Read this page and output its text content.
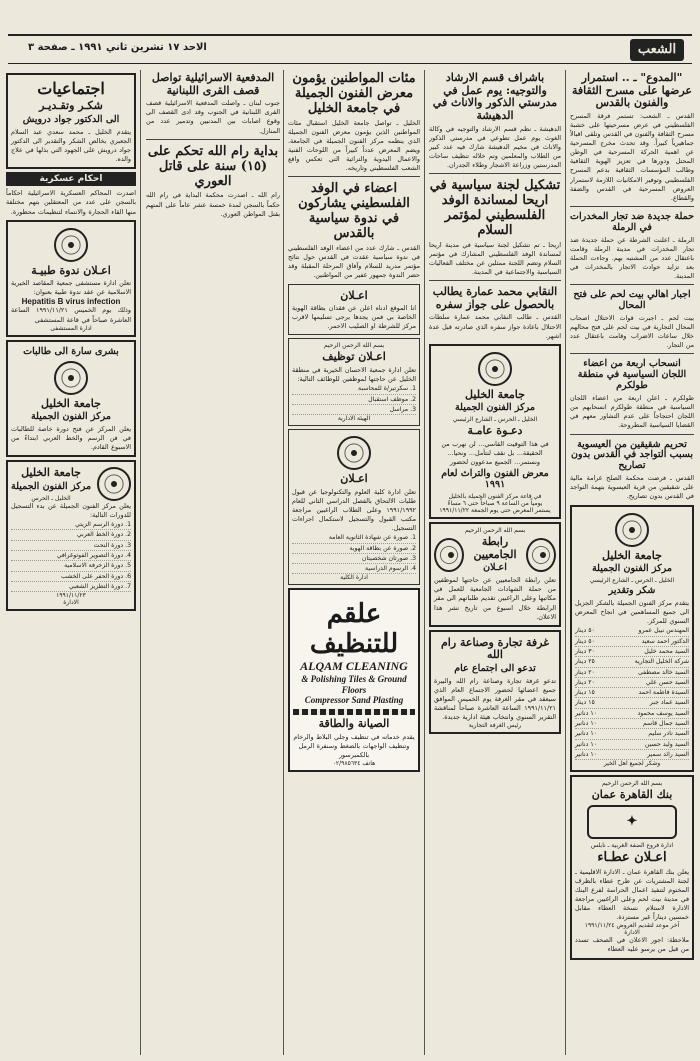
الشعب
الاحد ١٧ تشرين ثاني ١٩٩١ ـ صفحة ٣
"المدوع" ـ .. استمرار عرضها على مسرح الثقافة والفنون بالقدس
القدس ـ الشعب: تستمر فرقة المسرح الفلسطيني في عرض مسرحيتها على خشبة مسرح الثقافة والفنون في القدس وتلقى اقبالاً جماهيرياً كبيراً. وقد تحدث مخرج المسرحية عن اهمية الحركة المسرحية في الوطن المحتل ودورها في تعزيز الهوية الثقافية وطالب المؤسسات الثقافية بدعم المسرح الفلسطيني وتوفير الامكانيات اللازمة لاستمرار العروض المسرحية في القدس والضفة والقطاع.
حملة جديدة ضد تجار المخدرات في الرملة
الرملة ـ اعلنت الشرطة عن حملة جديدة ضد تجار المخدرات في مدينة الرملة وقامت باعتقال عدد من المشتبه بهم. وجاءت الحملة بعد تزايد حوادث الاتجار بالمخدرات في المدينة.
اجبار اهالي بيت لحم على فتح المحال
بيت لحم ـ اجبرت قوات الاحتلال اصحاب المحال التجارية في بيت لحم على فتح محالهم خلال ساعات الاضراب وقامت باعتقال عدد من التجار.
انسحاب اربعة من اعضاء اللجان السياسية في منطقة طولكرم
طولكرم ـ اعلن اربعة من اعضاء اللجان السياسية في منطقة طولكرم انسحابهم من اللجان احتجاجاً على عدم التشاور معهم في القضايا السياسية المطروحة.
تحريم شقيقين من العيسوية بسبب التواجد في القدس بدون تصاريح
القدس ـ فرضت محكمة الصلح غرامة مالية على شقيقين من قرية العيسوية بتهمة التواجد في القدس بدون تصاريح.
جامعة الخليل
مركز الفنون الجميلة
الخليل ـ الحرس ـ الشارع الرئيسي
شكر وتقدير
يتقدم مركز الفنون الجميلة بالشكر الجزيل الى جميع المساهمين في انجاح المعرض السنوي للمركز.
المهندس نبيل عمرو
٥٠ دينار
الدكتور احمد سعيد
٥٠ دينار
السيد محمد خليل
٣٠ دينار
شركة الخليل التجارية
٢٥ دينار
السيد خالد مصطفى
٢٠ دينار
السيد حسن علي
٢٠ دينار
السيدة فاطمة احمد
١٥ دينار
السيد عماد جبر
١٥ دينار
السيد يوسف محمود
١٠ دنانير
السيد جمال قاسم
١٠ دنانير
السيد نادر سليم
١٠ دنانير
السيد وليد حسين
١٠ دنانير
السيد رائد سمير
١٠ دنانير
وشكر لجميع اهل الخير
بسم الله الرحمن الرحيم
بنك القاهرة عمان
✦
ادارة فروع الضفة الغربية ـ نابلس
اعـلان عطـاء
يعلن بنك القاهرة عمان ـ الادارة الاقليمية ـ لجنة المشتريات عن طرح عطاء بالظرف المختوم لتنفيذ اعمال الحراسة لفرع البنك في مدينة بيت لحم وعلى الراغبين مراجعة الادارة لاستلام نسخة العطاء مقابل خمسين ديناراً غير مستردة.
آخر موعد لتقديم العروض ١٩٩١/١١/٢٤
الادارة
ملاحظة: اجور الاعلان في الصحف تسدد من قبل من يرسو عليه العطاء
باشراف قسم الارشاد والتوجيه: يوم عمل في مدرستي الذكور والاناث في الدهيشة
الدهيشة ـ نظم قسم الارشاد والتوجيه في وكالة الغوث يوم عمل تطوعي في مدرستي الذكور والاناث في مخيم الدهيشة شارك فيه عدد كبير من الطلاب والمعلمين وتم خلاله تنظيف ساحات المدرستين وزراعة الاشجار وطلاء الجدران.
تشكيل لجنة سياسية في اريحا لمساندة الوفد الفلسطيني لمؤتمر السلام
اريحا ـ تم تشكيل لجنة سياسية في مدينة اريحا لمساندة الوفد الفلسطيني المشارك في مؤتمر السلام وتضم اللجنة ممثلين عن مختلف الفعاليات السياسية والاجتماعية في المدينة.
النقابي محمد عمارة يطالب بالحصول على جواز سفره
القدس ـ طالب النقابي محمد عمارة سلطات الاحتلال باعادة جواز سفره الذي صادرته قبل عدة اشهر.
جامعة الخليل
مركز الفنون الجميلة
الخليل ـ الحرس ـ الشارع الرئيسي
دعـوة عامـة
في هذا التوقيت القاسي... لن نهرب من الحقيقة... بل نقف لنتأمل... ونحيا... ونستمر... الجميع مدعوون لحضور
معرض الفنون والتراث لعام ١٩٩١
في قاعة مركز الفنون الجميلة بالخليل
يومياً من الساعة ٩ صباحاً حتى ٦ مساءً
يستمر المعرض حتى يوم الجمعة ١٩٩١/١١/٢٢
بسم الله الرحمن الرحيم
رابطة الجامعيين
اعـلان
تعلن رابطة الجامعيين عن حاجتها لموظفين من حملة الشهادات الجامعية للعمل في مكاتبها وعلى الراغبين تقديم طلباتهم الى مقر الرابطة خلال اسبوع من تاريخ نشر هذا الاعلان.
غرفة تجارة وصناعة رام الله
تدعو الى اجتماع عام
تدعو غرفة تجارة وصناعة رام الله والبيرة جميع اعضائها لحضور الاجتماع العام الذي سيعقد في مقر الغرفة يوم الخميس الموافق ١٩٩١/١١/٢١ الساعة العاشرة صباحاً لمناقشة التقرير السنوي وانتخاب هيئة ادارية جديدة.
رئيس الغرفة التجارية
مئات المواطنين يؤمون معرض الفنون الجميلة في جامعة الخليل
الخليل ـ تواصل جامعة الخليل استقبال مئات المواطنين الذين يؤمون معرض الفنون الجميلة الذي ينظمه مركز الفنون الجميلة في الجامعة. ويضم المعرض عدداً كبيراً من اللوحات الفنية والاعمال اليدوية والتراثية التي تعكس واقع الشعب الفلسطيني وتاريخه.
اعضاء في الوفد الفلسطيني يشاركون في ندوة سياسية بالقدس
القدس ـ شارك عدد من اعضاء الوفد الفلسطيني في ندوة سياسية عقدت في القدس حول نتائج مؤتمر مدريد للسلام وآفاق المرحلة المقبلة وقد حضر الندوة جمهور غفير من المواطنين.
اعـلان
انا الموقع ادناه اعلن عن فقدان بطاقة الهوية الخاصة بي فمن يجدها يرجى تسليمها لاقرب مركز للشرطة او الصليب الاحمر.
بسم الله الرحمن الرحيم
اعـلان توظيف
تعلن ادارة جمعية الاحسان الخيرية في منطقة الخليل عن حاجتها لموظفين للوظائف التالية:
1. سكرتير/ة للمحاسبة
2. موظف استقبال
3. مراسل
الهيئة الادارية
اعـلان
تعلن ادارة كلية العلوم والتكنولوجيا عن قبول طلبات الالتحاق بالفصل الدراسي الثاني للعام ١٩٩١/١٩٩٢ وعلى الطلاب الراغبين مراجعة مكتب القبول والتسجيل لاستكمال اجراءات التسجيل.
1. صورة عن شهادة الثانوية العامة
2. صورة عن بطاقة الهوية
3. صورتان شخصيتان
4. الرسوم الدراسية
ادارة الكلية
علقم للتنظيف
ALQAM CLEANING
& Polishing Tiles & Ground Floors
Compressor Sand Plasting
الصيانة والطاقة
يقدم خدماته في تنظيف وجلي البلاط والرخام وتنظيف الواجهات بالضغط وسنفرة الرمل بالكمبرسور
هاتف ٠٢/٩٨٥٦٣٤
المدفعية الاسرائيلية تواصل قصف القرى اللبنانية
جنوب لبنان ـ واصلت المدفعية الاسرائيلية قصف القرى اللبنانية في الجنوب وقد ادى القصف الى وقوع اصابات بين المدنيين وتدمير عدد من المنازل.
بداية رام الله تحكم على (١٥) سنة على قاتل العوري
رام الله ـ اصدرت محكمة البداية في رام الله حكماً بالسجن لمدة خمسة عشر عاماً على المتهم بقتل المواطن العوري.
اجتماعيات
شكـر وتقـديـر
الى الدكتور جواد درويش
يتقدم الخليل ـ محمد سعدي عبد السلام الجعبري بخالص الشكر والتقدير الى الدكتور جواد درويش على الجهود التي بذلها في علاج والده.
احكام عسكرية
اصدرت المحاكم العسكرية الاسرائيلية احكاماً بالسجن على عدد من المعتقلين بتهم مختلفة منها القاء الحجارة والانتماء لتنظيمات محظورة.
اعـلان ندوة طبيـة
تعلن ادارة مستشفى جمعية المقاصد الخيرية الاسلامية عن عقد ندوة طبية بعنوان:
Hepatitis B virus infection
وذلك يوم الخميس ١٩٩١/١١/٢١ الساعة العاشرة صباحاً في قاعة المستشفى
ادارة المستشفى
بشرى سارة الى طالبات
جامعة الخليل
مركز الفنون الجميلة
يعلن المركز عن فتح دورة خاصة للطالبات في فن الرسم والخط العربي ابتداءً من الاسبوع القادم.
جامعة الخليل
مركز الفنون الجميلة
الخليل ـ الحرس
يعلن مركز الفنون الجميلة عن بدء التسجيل للدورات التالية:
1. دورة الرسم الزيتي
2. دورة الخط العربي
3. دورة النحت
4. دورة التصوير الفوتوغرافي
5. دورة الزخرفة الاسلامية
6. دورة الحفر على الخشب
7. دورة التطريز الشعبي
١٩٩١/١١/٢٣
الادارة
